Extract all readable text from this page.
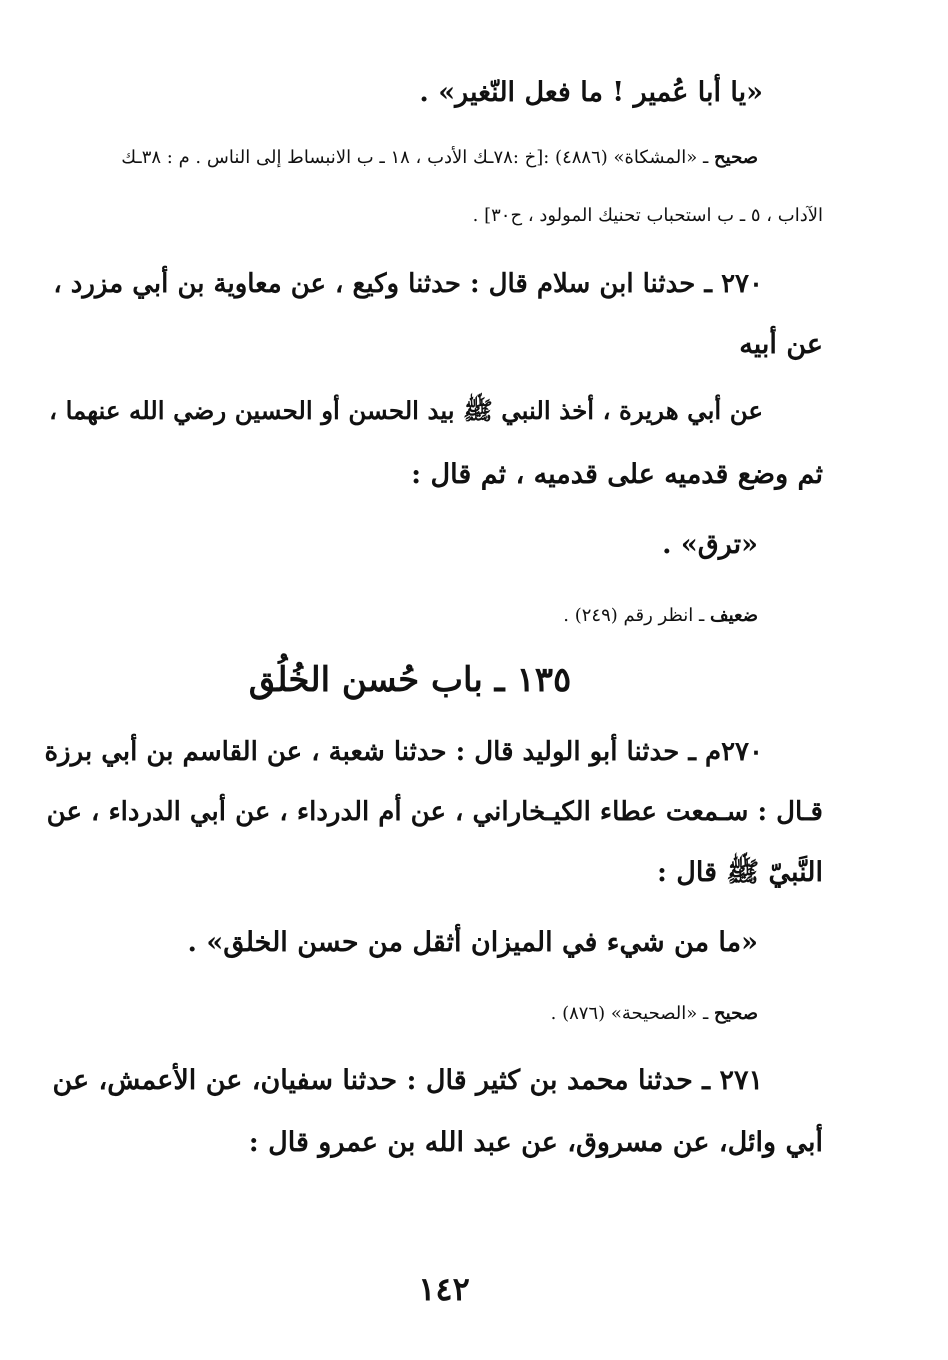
«يا أبا عُمير ! ما فعل النّغير» .
صحيح ـ «المشكاة» (٤٨٨٦) :[خ :٧٨ـك الأدب ، ١٨ ـ ب الانبساط إلى الناس . م : ٣٨ـك
الآداب ، ٥ ـ ب استحباب تحنيك المولود ، ح٣٠] .
٢٧٠ ـ حدثنا ابن سلام قال : حدثنا وكيع ، عن معاوية بن أبي مزرد ،
عن أبيه
عن أبي هريرة ، أخذ النبي ﷺ بيد الحسن أو الحسين رضي الله عنهما ،
ثم وضع قدميه على قدميه ، ثم قال :
«ترق» .
ضعيف ـ انظر رقم (٢٤٩) .
١٣٥ ـ باب حُسن الخُلُق
٢٧٠م ـ حدثنا أبو الوليد قال : حدثنا شعبة ، عن القاسم بن أبي برزة
قـال : سـمعت عطاء الكيـخاراني ، عن أم الدرداء ، عن أبي الدرداء ، عن
النَّبيّ ﷺ قال :
«ما من شيء في الميزان أثقل من حسن الخلق» .
صحيح ـ «الصحيحة» (٨٧٦) .
٢٧١ ـ حدثنا محمد بن كثير قال : حدثنا سفيان، عن الأعمش، عن
أبي وائل، عن مسروق، عن عبد الله بن عمرو قال :
١٤٢
